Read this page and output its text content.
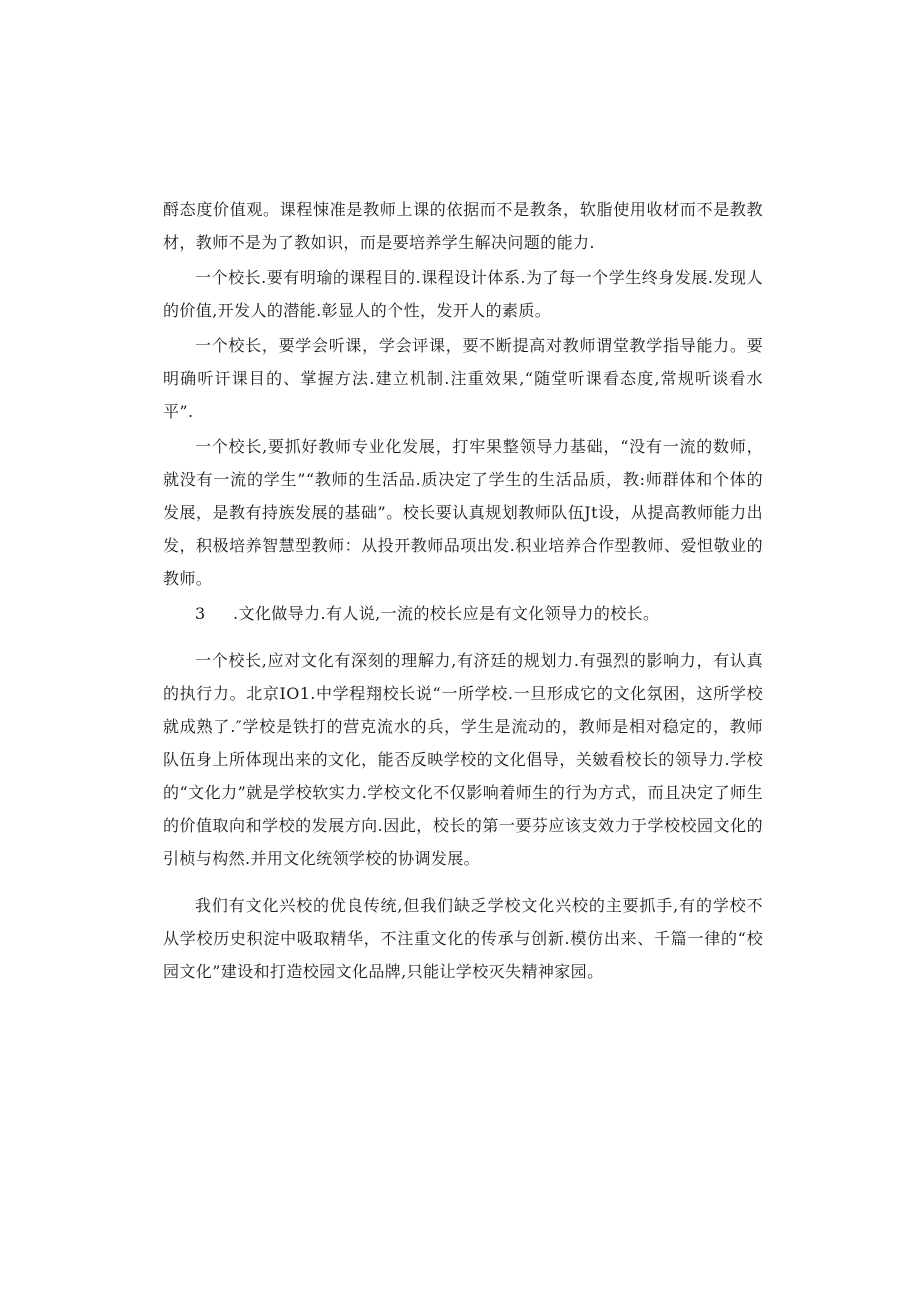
酹态度价值观。课程悚准是教师上课的依据而不是教条，软脂使用收材而不是教教材，教师不是为了教如识，而是要培养学生解决问题的能力.

一个校长.要有明瑜的课程目的.课程设计体系.为了每一个学生终身发展.发现人的价值,开发人的潜能.彰显人的个性，发开人的素质。

一个校长，要学会听课，学会评课，要不断提高对教师谓堂教学指导能力。要明确听讦课目的、掌握方法.建立机制.注重效果,“随堂听课看态度,常规听谈看水平”.

一个校长,要抓好教师专业化发展，打牢果整领导力基础，“没有一流的数师，就没有一流的学生”“教师的生活品.质决定了学生的生活品质，教:师群体和个体的发展，是教有持族发展的基础”。校长要认真规划教师队伍Jt设，从提高教师能力出发，积极培养智慧型教师：从投开教师品项出发.积业培养合作型教师、爱怛敬业的教师。

3 .文化做导力.有人说,一流的校长应是有文化领导力的校长。

一个校长,应对文化有深刻的理解力,有济廷的规划力.有强烈的影响力，有认真的执行力。北京IO1.中学程翔校长说“一所学校.一旦形成它的文化氛困，这所学校就成熟了.″学校是铁打的营克流水的兵，学生是流动的，教师是相对稳定的，教师队伍身上所体现出来的文化，能否反映学校的文化倡导，关皴看校长的领导力.学校的“文化力”就是学校软实力.学校文化不仅影响着师生的行为方式，而且决定了师生的价值取向和学校的发展方向.因此，校长的第一要芬应该支效力于学校校园文化的引桢与构然.并用文化统领学校的协调发展。

我们有文化兴校的优良传统,但我们缺乏学校文化兴校的主要抓手,有的学校不从学校历史积淀中吸取精华，不注重文化的传承与创新.模仿出来、千篇一律的“校园文化”建设和打造校园文化品牌,只能让学校灭失精神家园。
